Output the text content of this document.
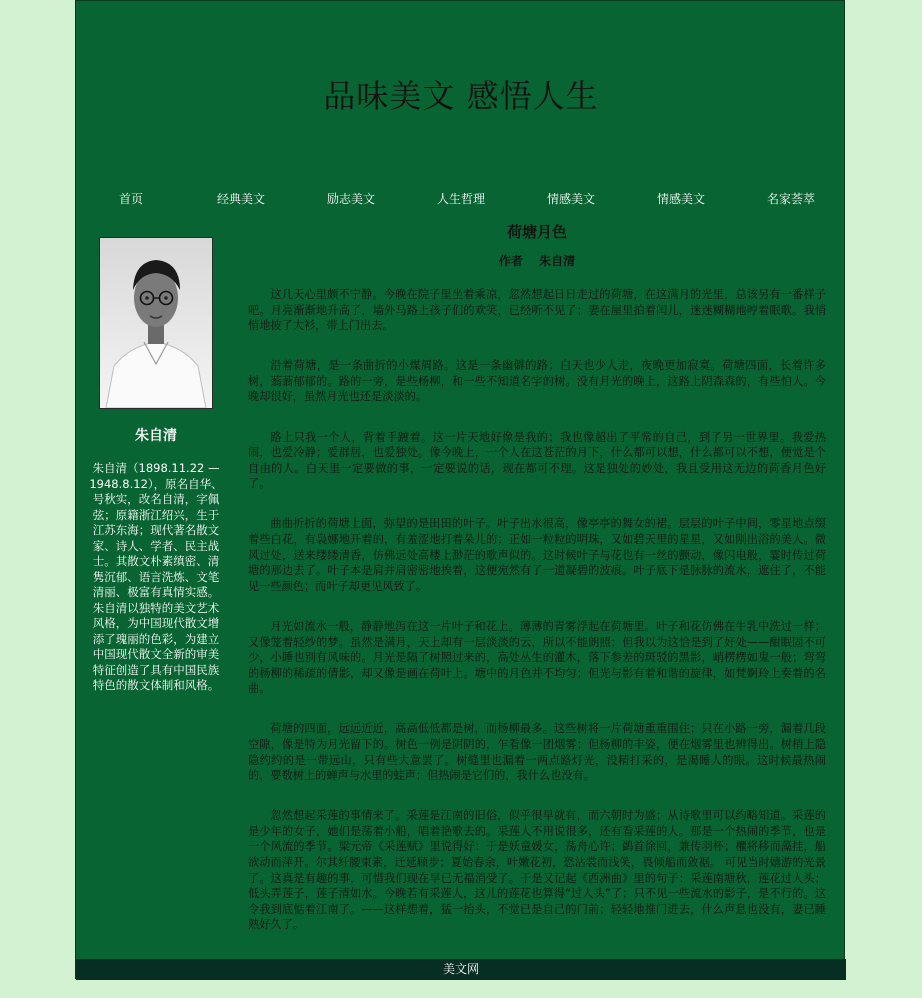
品味美文 感悟人生
首页	经典美文	励志美文	人生哲理	情感美文	情感美文	名家荟萃
朱自清
朱自清（1898.11.22 — 1948.8.12），原名自华、号秋实，改名自清，字佩弦；原籍浙江绍兴，生于江苏东海；现代著名散文家、诗人、学者、民主战士。其散文朴素缜密、清隽沉郁、语言洗炼、文笔清丽、极富有真情实感。朱自清以独特的美文艺术风格，为中国现代散文增添了瑰丽的色彩，为建立中国现代散文全新的审美特征创造了具有中国民族特色的散文体制和风格。
荷塘月色
作者 朱自清

这几天心里颇不宁静。今晚在院子里坐着乘凉，忽然想起日日走过的荷塘，在这满月的光里，总该另有一番样子吧。月亮渐渐地升高了，墙外马路上孩子们的欢笑，已经听不见了；妻在屋里拍着闰儿，迷迷糊糊地哼着眠歌。我悄悄地披了大衫，带上门出去。

沿着荷塘，是一条曲折的小煤屑路。这是一条幽僻的路；白天也少人走，夜晚更加寂寞。荷塘四面，长着许多树，蓊蓊郁郁的。路的一旁，是些杨柳，和一些不知道名字的树。没有月光的晚上，这路上阴森森的，有些怕人。今晚却很好，虽然月光也还是淡淡的。

路上只我一个人，背着手踱着。这一片天地好像是我的；我也像超出了平常的自己，到了另一世界里。我爱热闹，也爱冷静；爱群居，也爱独处。像今晚上，一个人在这苍茫的月下，什么都可以想，什么都可以不想，便觉是个自由的人。白天里一定要做的事，一定要说的话，现在都可不理。这是独处的妙处，我且受用这无边的荷香月色好了。

曲曲折折的荷塘上面，弥望的是田田的叶子。叶子出水很高，像亭亭的舞女的裙。层层的叶子中间，零星地点缀着些白花，有袅娜地开着的，有羞涩地打着朵儿的；正如一粒粒的明珠，又如碧天里的星星，又如刚出浴的美人。微风过处，送来缕缕清香，仿佛远处高楼上渺茫的歌声似的。这时候叶子与花也有一丝的颤动，像闪电般，霎时传过荷塘的那边去了。叶子本是肩并肩密密地挨着，这便宛然有了一道凝碧的波痕。叶子底下是脉脉的流水，遮住了，不能见一些颜色；而叶子却更见风致了。

月光如流水一般，静静地泻在这一片叶子和花上。薄薄的青雾浮起在荷塘里。叶子和花仿佛在牛乳中洗过一样；又像笼着轻纱的梦。虽然是满月，天上却有一层淡淡的云，所以不能朗照；但我以为这恰是到了好处——酣眠固不可少，小睡也别有风味的。月光是隔了树照过来的，高处丛生的灌木，落下参差的斑驳的黑影，峭楞楞如鬼一般；弯弯的杨柳的稀疏的倩影，却又像是画在荷叶上。塘中的月色并不均匀；但光与影有着和谐的旋律，如梵婀玲上奏着的名曲。

荷塘的四面，远远近近，高高低低都是树，而杨柳最多。这些树将一片荷塘重重围住；只在小路一旁，漏着几段空隙，像是特为月光留下的。树色一例是阴阴的，乍看像一团烟雾；但杨柳的丰姿，便在烟雾里也辨得出。树梢上隐隐约约的是一带远山，只有些大意罢了。树缝里也漏着一两点路灯光，没精打采的，是渴睡人的眼。这时候最热闹的，要数树上的蝉声与水里的蛙声；但热闹是它们的，我什么也没有。

忽然想起采莲的事情来了。采莲是江南的旧俗，似乎很早就有，而六朝时为盛；从诗歌里可以约略知道。采莲的是少年的女子，她们是荡着小船，唱着艳歌去的。采莲人不用说很多，还有看采莲的人。那是一个热闹的季节，也是一个风流的季节。梁元帝《采莲赋》里说得好：于是妖童媛女，荡舟心许；鹢首徐回，兼传羽杯；欋将移而藻挂，船欲动而萍开。尔其纤腰束素，迁延顾步；夏始春余，叶嫩花初，恐沾裳而浅笑，畏倾船而敛裾。 可见当时嬉游的光景了。这真是有趣的事，可惜我们现在早已无福消受了。于是又记起《西洲曲》里的句子：采莲南塘秋，莲花过人头；低头弄莲子，莲子清如水。今晚若有采莲人，这儿的莲花也算得“过人头”了；只不见一些流水的影子，是不行的。这令我到底惦着江南了。——这样想着，猛一抬头，不觉已是自己的门前；轻轻地推门进去，什么声息也没有，妻已睡熟好久了。

美文网
